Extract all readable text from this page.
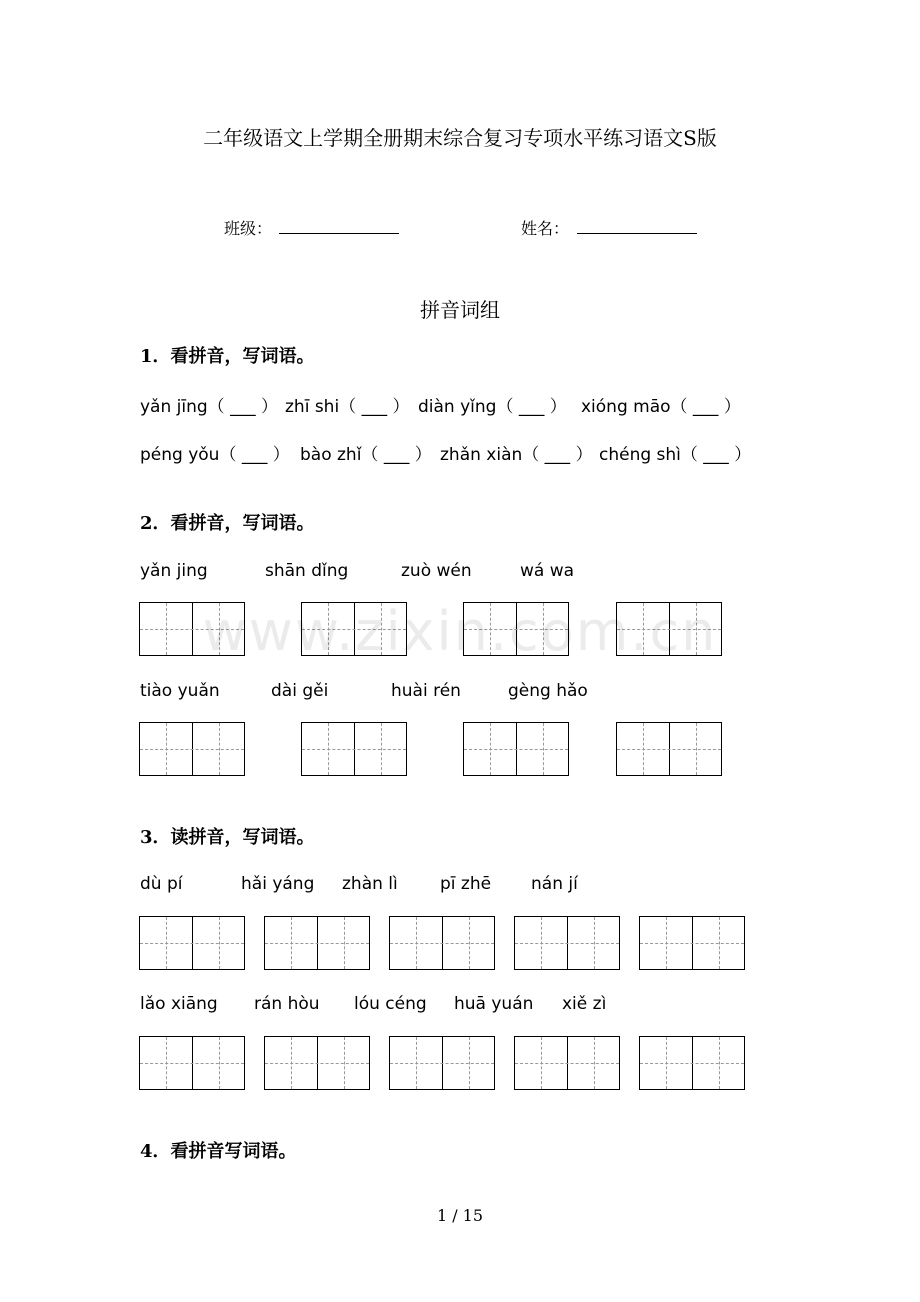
二年级语文上学期全册期末综合复习专项水平练习语文S版
班级：	姓名：
拼音词组
1．看拼音，写词语。
yǎn jīng（ ___ ） zhī shi（ ___ ） diàn yǐng（ ___ ） xióng māo（ ___ ）
péng yǒu（ ___ ） bào zhǐ（ ___ ） zhǎn xiàn（ ___ ） chéng shì（ ___ ）
2．看拼音，写词语。
yǎn jing	shān dǐng	zuò wén	wá wa
tiào yuǎn	dài gěi	huài rén	gèng hǎo
3．读拼音，写词语。
dù pí	hǎi yáng zhàn lì pī zhē nán jí
lǎo xiāng rán hòu lóu céng huā yuán xiě zì
4．看拼音写词语。
www.zixin.com.cn
1 / 15
